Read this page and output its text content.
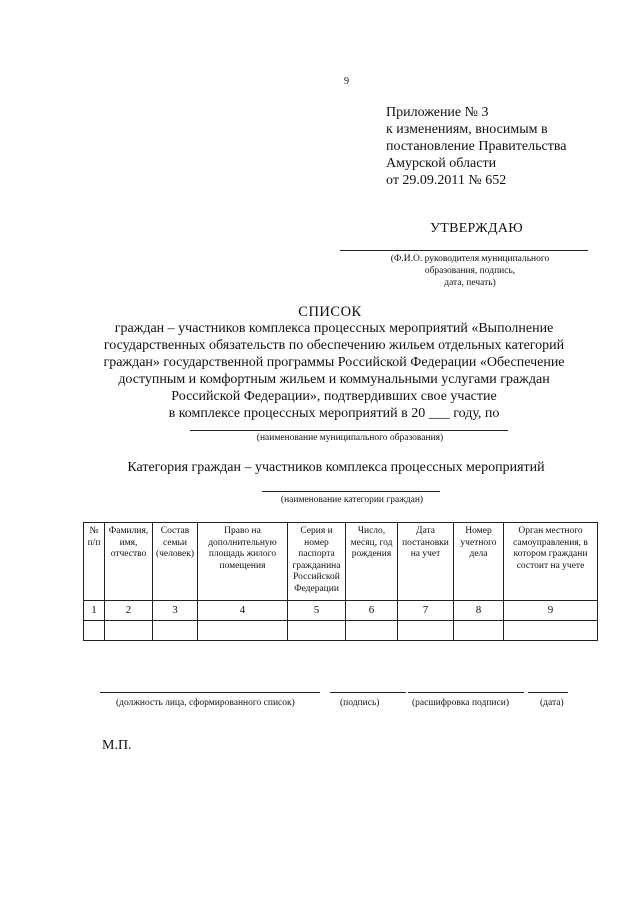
9
Приложение № 3
к изменениям, вносимым в
постановление Правительства
Амурской области
от 29.09.2011 № 652
УТВЕРЖДАЮ
(Ф.И.О. руководителя муниципального
образования, подпись,
дата, печать)
СПИСОК
граждан – участников комплекса процессных мероприятий «Выполнение
государственных обязательств по обеспечению жильем отдельных категорий
граждан» государственной программы Российской Федерации «Обеспечение
доступным и комфортным жильем и коммунальными услугами граждан
Российской Федерации», подтвердивших свое участие
в комплексе процессных мероприятий в 20 ___ году, по
(наименование муниципального образования)
Категория граждан – участников комплекса процессных мероприятий
(наименование категории граждан)
№ п/п	Фамилия, имя, отчество	Состав семьи (человек)	Право на дополнительную площадь жилого помещения	Серия и номер паспорта гражданина Российской Федерации	Число, месяц, год рождения	Дата постановки на учет	Номер учетного дела	Орган местного самоуправления, в котором граждани состоит на учете
1	2	3	4	5	6	7	8	9

(должность лица, сформированного список)	(подпись)	(расшифровка подписи)	(дата)
М.П.
